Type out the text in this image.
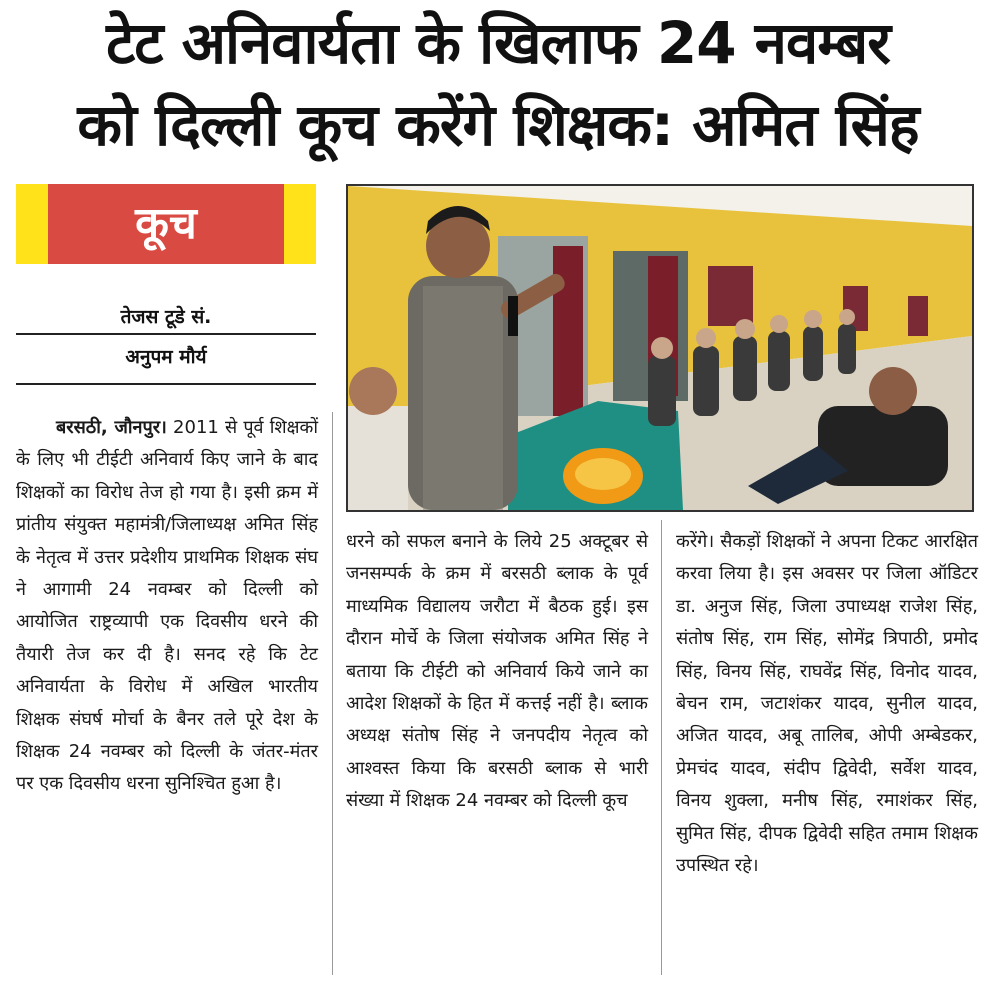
टेट अनिवार्यता के खिलाफ 24 नवम्बर
को दिल्ली कूच करेंगे शिक्षक: अमित सिंह
कूच
तेजस टूडे सं.
अनुपम मौर्य
बरसठी, जौनपुर। 2011 से पूर्व शिक्षकों के लिए भी टीईटी अनिवार्य किए जाने के बाद शिक्षकों का विरोध तेज हो गया है। इसी क्रम में प्रांतीय संयुक्त महामंत्री/जिलाध्यक्ष अमित सिंह के नेतृत्व में उत्तर प्रदेशीय प्राथमिक शिक्षक संघ ने आगामी 24 नवम्बर को दिल्ली को आयोजित राष्ट्रव्यापी एक दिवसीय धरने की तैयारी तेज कर दी है। सनद रहे कि टेट अनिवार्यता के विरोध में अखिल भारतीय शिक्षक संघर्ष मोर्चा के बैनर तले पूरे देश के शिक्षक 24 नवम्बर को दिल्ली के जंतर-मंतर पर एक दिवसीय धरना सुनिश्चित हुआ है।
धरने को सफल बनाने के लिये 25 अक्टूबर से जनसम्पर्क के क्रम में बरसठी ब्लाक के पूर्व माध्यमिक विद्यालय जरौटा में बैठक हुई। इस दौरान मोर्चे के जिला संयोजक अमित सिंह ने बताया कि टीईटी को अनिवार्य किये जाने का आदेश शिक्षकों के हित में कत्तई नहीं है। ब्लाक अध्यक्ष संतोष सिंह ने जनपदीय नेतृत्व को आश्वस्त किया कि बरसठी ब्लाक से भारी संख्या में शिक्षक 24 नवम्बर को दिल्ली कूच
करेंगे। सैकड़ों शिक्षकों ने अपना टिकट आरक्षित करवा लिया है। इस अवसर पर जिला ऑडिटर डा. अनुज सिंह, जिला उपाध्यक्ष राजेश सिंह, संतोष सिंह, राम सिंह, सोमेंद्र त्रिपाठी, प्रमोद सिंह, विनय सिंह, राघवेंद्र सिंह, विनोद यादव, बेचन राम, जटाशंकर यादव, सुनील यादव, अजित यादव, अबू तालिब, ओपी अम्बेडकर, प्रेमचंद यादव, संदीप द्विवेदी, सर्वेश यादव, विनय शुक्ला, मनीष सिंह, रमाशंकर सिंह, सुमित सिंह, दीपक द्विवेदी सहित तमाम शिक्षक उपस्थित रहे।
